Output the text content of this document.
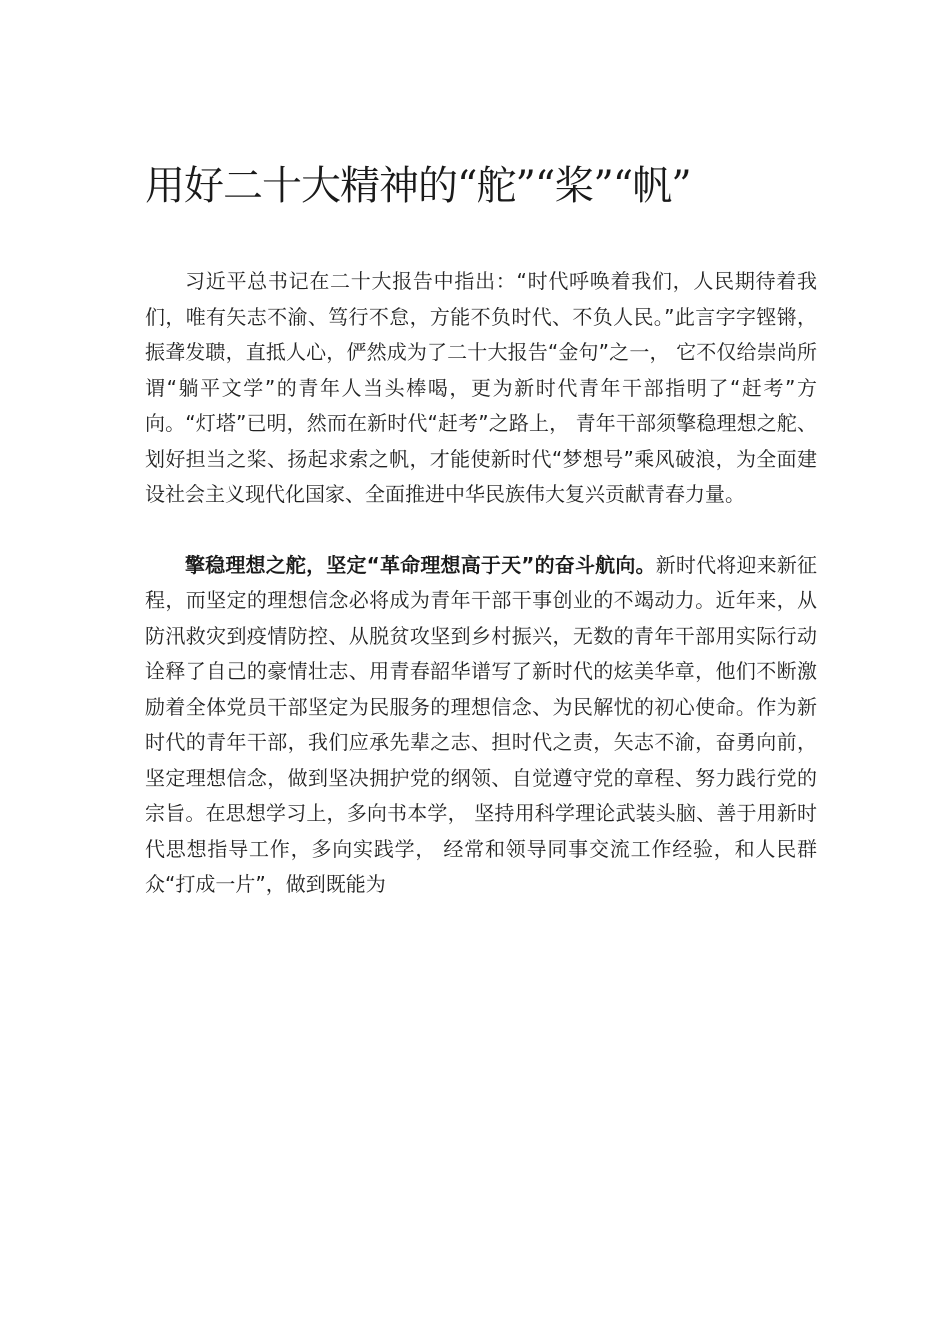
用好二十大精神的“舵”“桨”“帆”

习近平总书记在二十大报告中指出：“时代呼唤着我们，人民期待着我们，唯有矢志不渝、笃行不怠，方能不负时代、不负人民。”此言字字铿锵，振聋发聩，直抵人心，俨然成为了二十大报告“金句”之一， 它不仅给崇尚所谓“躺平文学”的青年人当头棒喝，更为新时代青年干部指明了“赶考”方向。“灯塔”已明，然而在新时代“赶考”之路上， 青年干部须擎稳理想之舵、划好担当之桨、扬起求索之帆，才能使新时代“梦想号”乘风破浪，为全面建设社会主义现代化国家、全面推进中华民族伟大复兴贡献青春力量。

擎稳理想之舵，坚定“革命理想高于天”的奋斗航向。新时代将迎来新征程，而坚定的理想信念必将成为青年干部干事创业的不竭动力。近年来，从防汛救灾到疫情防控、从脱贫攻坚到乡村振兴，无数的青年干部用实际行动诠释了自己的豪情壮志、用青春韶华谱写了新时代的炫美华章，他们不断激励着全体党员干部坚定为民服务的理想信念、为民解忧的初心使命。作为新时代的青年干部，我们应承先辈之志、担时代之责，矢志不渝，奋勇向前，坚定理想信念，做到坚决拥护党的纲领、自觉遵守党的章程、努力践行党的宗旨。在思想学习上，多向书本学， 坚持用科学理论武装头脑、善于用新时代思想指导工作，多向实践学， 经常和领导同事交流工作经验，和人民群众“打成一片”，做到既能为
